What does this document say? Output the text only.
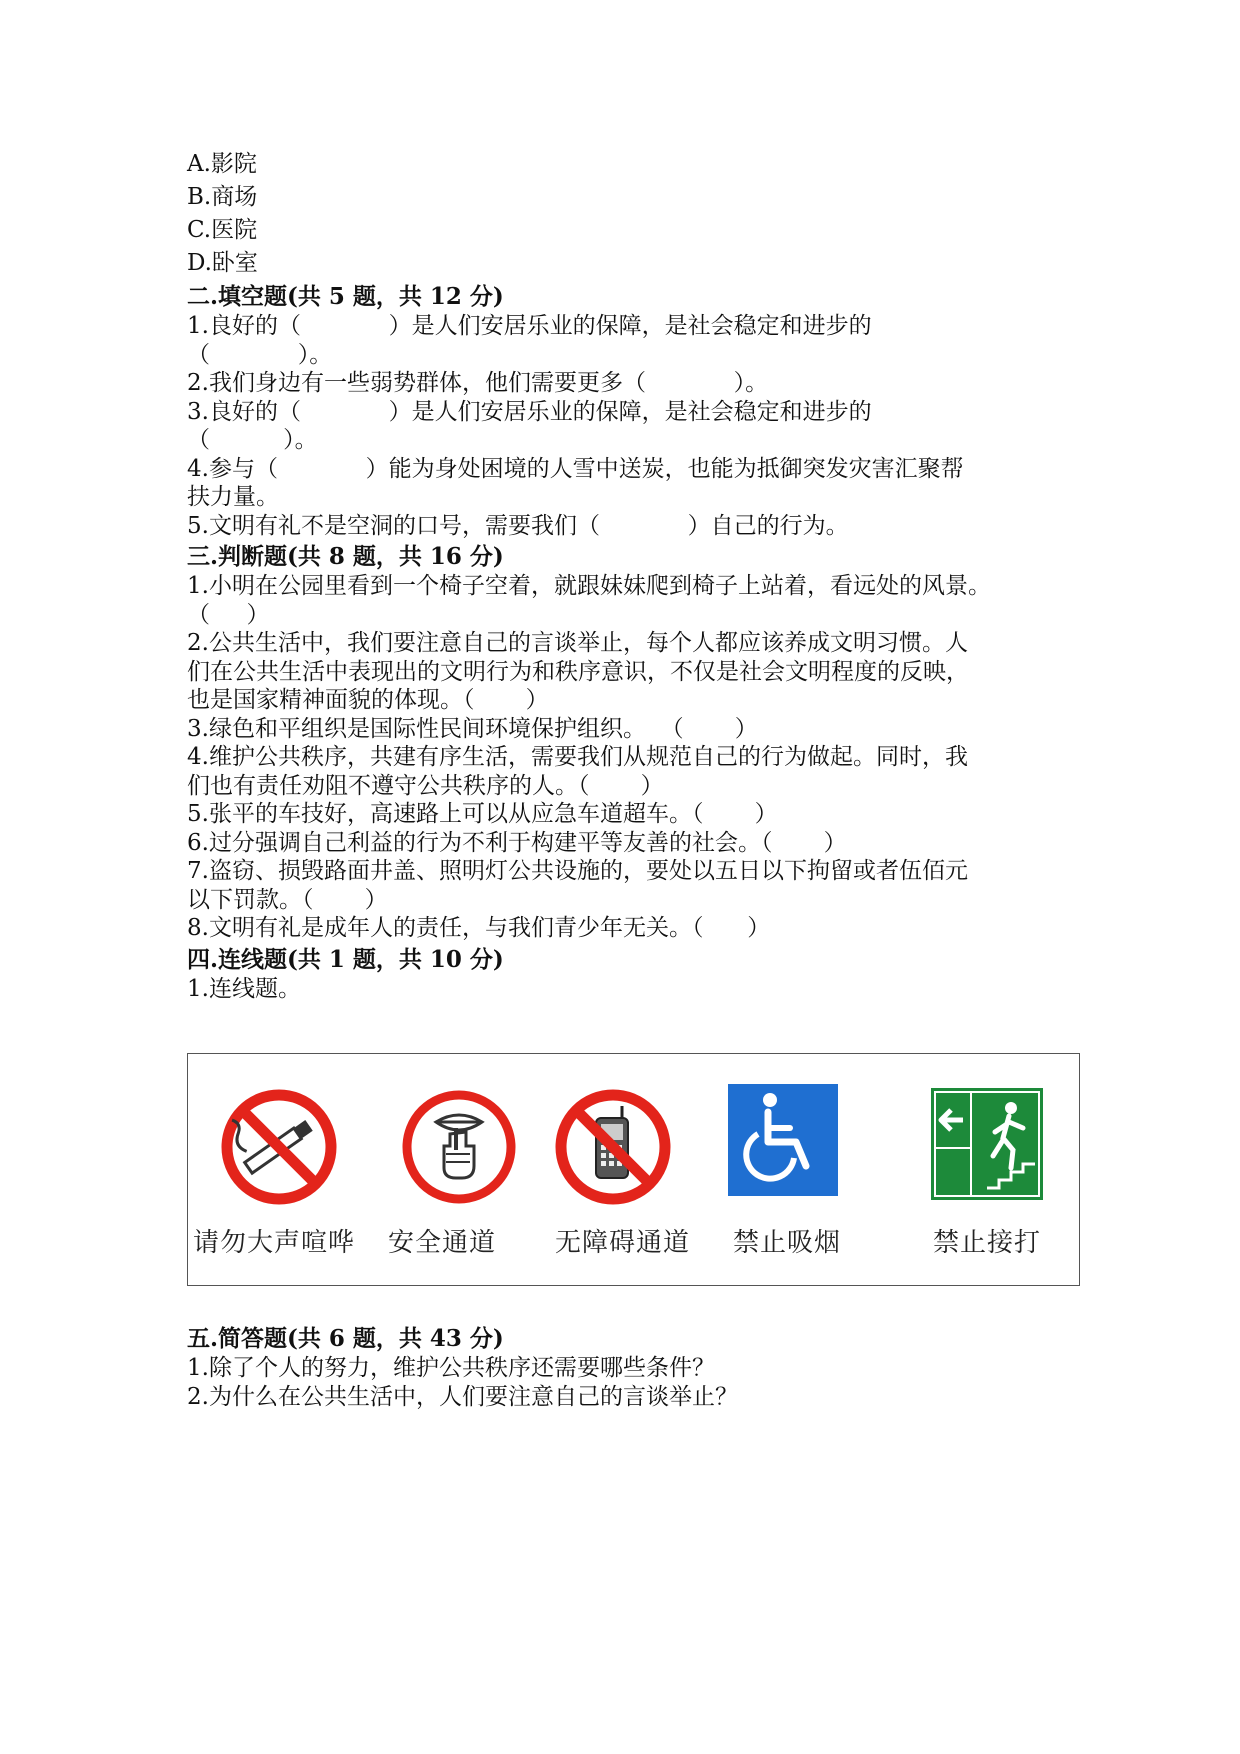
A.影院
B.商场
C.医院
D.卧室
二.填空题(共 5 题，共 12 分)
1.良好的（            ）是人们安居乐业的保障，是社会稳定和进步的
（            ）。
2.我们身边有一些弱势群体，他们需要更多（            ）。
3.良好的（            ）是人们安居乐业的保障，是社会稳定和进步的
（          ）。
4.参与（            ）能为身处困境的人雪中送炭，也能为抵御突发灾害汇聚帮
扶力量。
5.文明有礼不是空洞的口号，需要我们（            ）自己的行为。
三.判断题(共 8 题，共 16 分)
1.小明在公园里看到一个椅子空着，就跟妹妹爬到椅子上站着，看远处的风景。
（     ）
2.公共生活中，我们要注意自己的言谈举止，每个人都应该养成文明习惯。人
们在公共生活中表现出的文明行为和秩序意识，不仅是社会文明程度的反映，
也是国家精神面貌的体现。（       ）
3.绿色和平组织是国际性民间环境保护组织。  （       ）
4.维护公共秩序，共建有序生活，需要我们从规范自己的行为做起。同时，我
们也有责任劝阻不遵守公共秩序的人。（       ）
5.张平的车技好，高速路上可以从应急车道超车。（       ）
6.过分强调自己利益的行为不利于构建平等友善的社会。（       ）
7.盗窃、损毁路面井盖、照明灯公共设施的，要处以五日以下拘留或者伍佰元
以下罚款。（       ）
8.文明有礼是成年人的责任，与我们青少年无关。（      ）
四.连线题(共 1 题，共 10 分)
1.连线题。
请勿大声喧哗 安全通道 无障碍通道 禁止吸烟	禁止接打
五.简答题(共 6 题，共 43 分)
1.除了个人的努力，维护公共秩序还需要哪些条件？
2.为什么在公共生活中，人们要注意自己的言谈举止？
